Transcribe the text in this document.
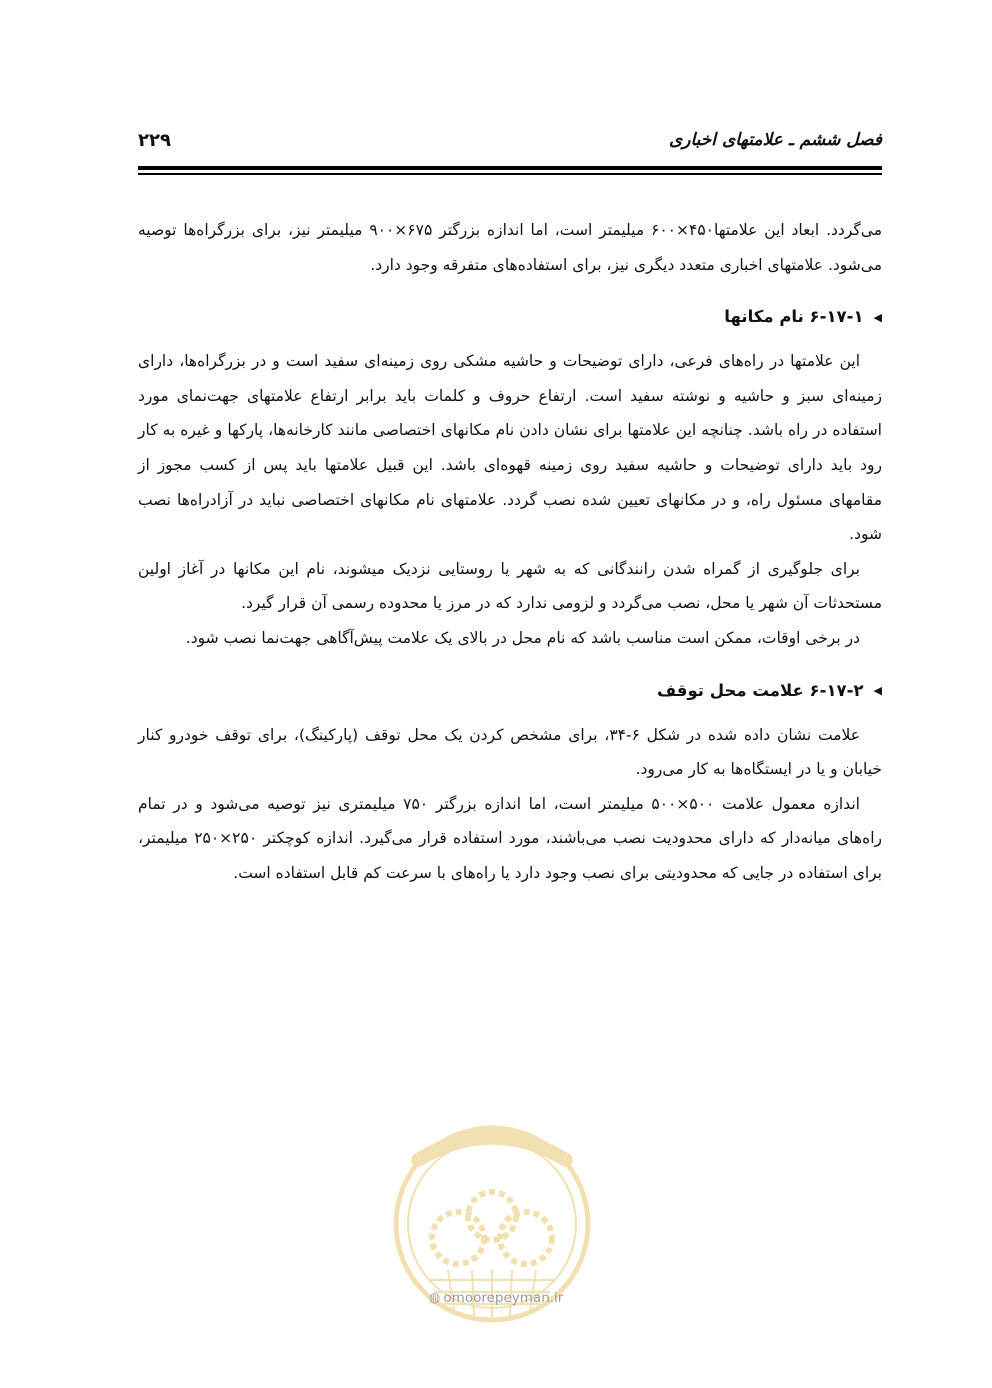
فصل ششم ـ علامتهای اخباری
۲۲۹

می‌گردد. ابعاد این علامتها۴۵۰×۶۰۰ میلیمتر است، اما اندازه بزرگتر ۶۷۵×۹۰۰ میلیمتر نیز، برای بزرگراه‌ها توصیه می‌شود. علامتهای اخباری متعدد دیگری نیز، برای استفاده‌های متفرقه وجود دارد.

◀
۶-۱۷-۱ نام مکانها

این علامتها در راه‌های فرعی، دارای توضیحات و حاشیه مشکی روی زمینه‌ای سفید است و در بزرگراه‌ها، دارای زمینه‌ای سبز و حاشیه و نوشته سفید است. ارتفاع حروف و کلمات باید برابر ارتفاع علامتهای جهت‌نمای مورد استفاده در راه باشد. چنانچه این علامتها برای نشان دادن نام مکانهای اختصاصی مانند کارخانه‌ها، پارکها و غیره به کار رود باید دارای توضیحات و حاشیه سفید روی زمینه قهوه‌ای باشد. این قبیل علامتها باید پس از کسب مجوز از مقامهای مسئول راه، و در مکانهای تعیین شده نصب گردد. علامتهای نام مکانهای اختصاصی نباید در آزادراه‌ها نصب شود.

برای جلوگیری از گمراه شدن رانندگانی که به شهر یا روستایی نزدیک میشوند، نام این مکانها در آغاز اولین مستحدثات آن شهر یا محل، نصب می‌گردد و لزومی ندارد که در مرز یا محدوده رسمی آن قرار گیرد.

در برخی اوقات، ممکن است مناسب باشد که نام محل در بالای یک علامت پیش‌آگاهی جهت‌نما نصب شود.

◀
۶-۱۷-۲ علامت محل توقف

علامت نشان داده شده در شکل ۶-۳۴، برای مشخص کردن یک محل توقف (پارکینگ)، برای توقف خودرو کنار خیابان و یا در ایستگاه‌ها به کار می‌رود.

اندازه معمول علامت ۵۰۰×۵۰۰ میلیمتر است، اما اندازه بزرگتر ۷۵۰ میلیمتری نیز توصیه می‌شود و در تمام راه‌های میانه‌دار که دارای محدودیت نصب می‌باشند، مورد استفاده قرار می‌گیرد. اندازه کوچکتر ۲۵۰×۲۵۰ میلیمتر، برای استفاده در جایی که محدودیتی برای نصب وجود دارد یا راه‌های با سرعت کم قابل استفاده است.

◍ omoorepeyman.ir
